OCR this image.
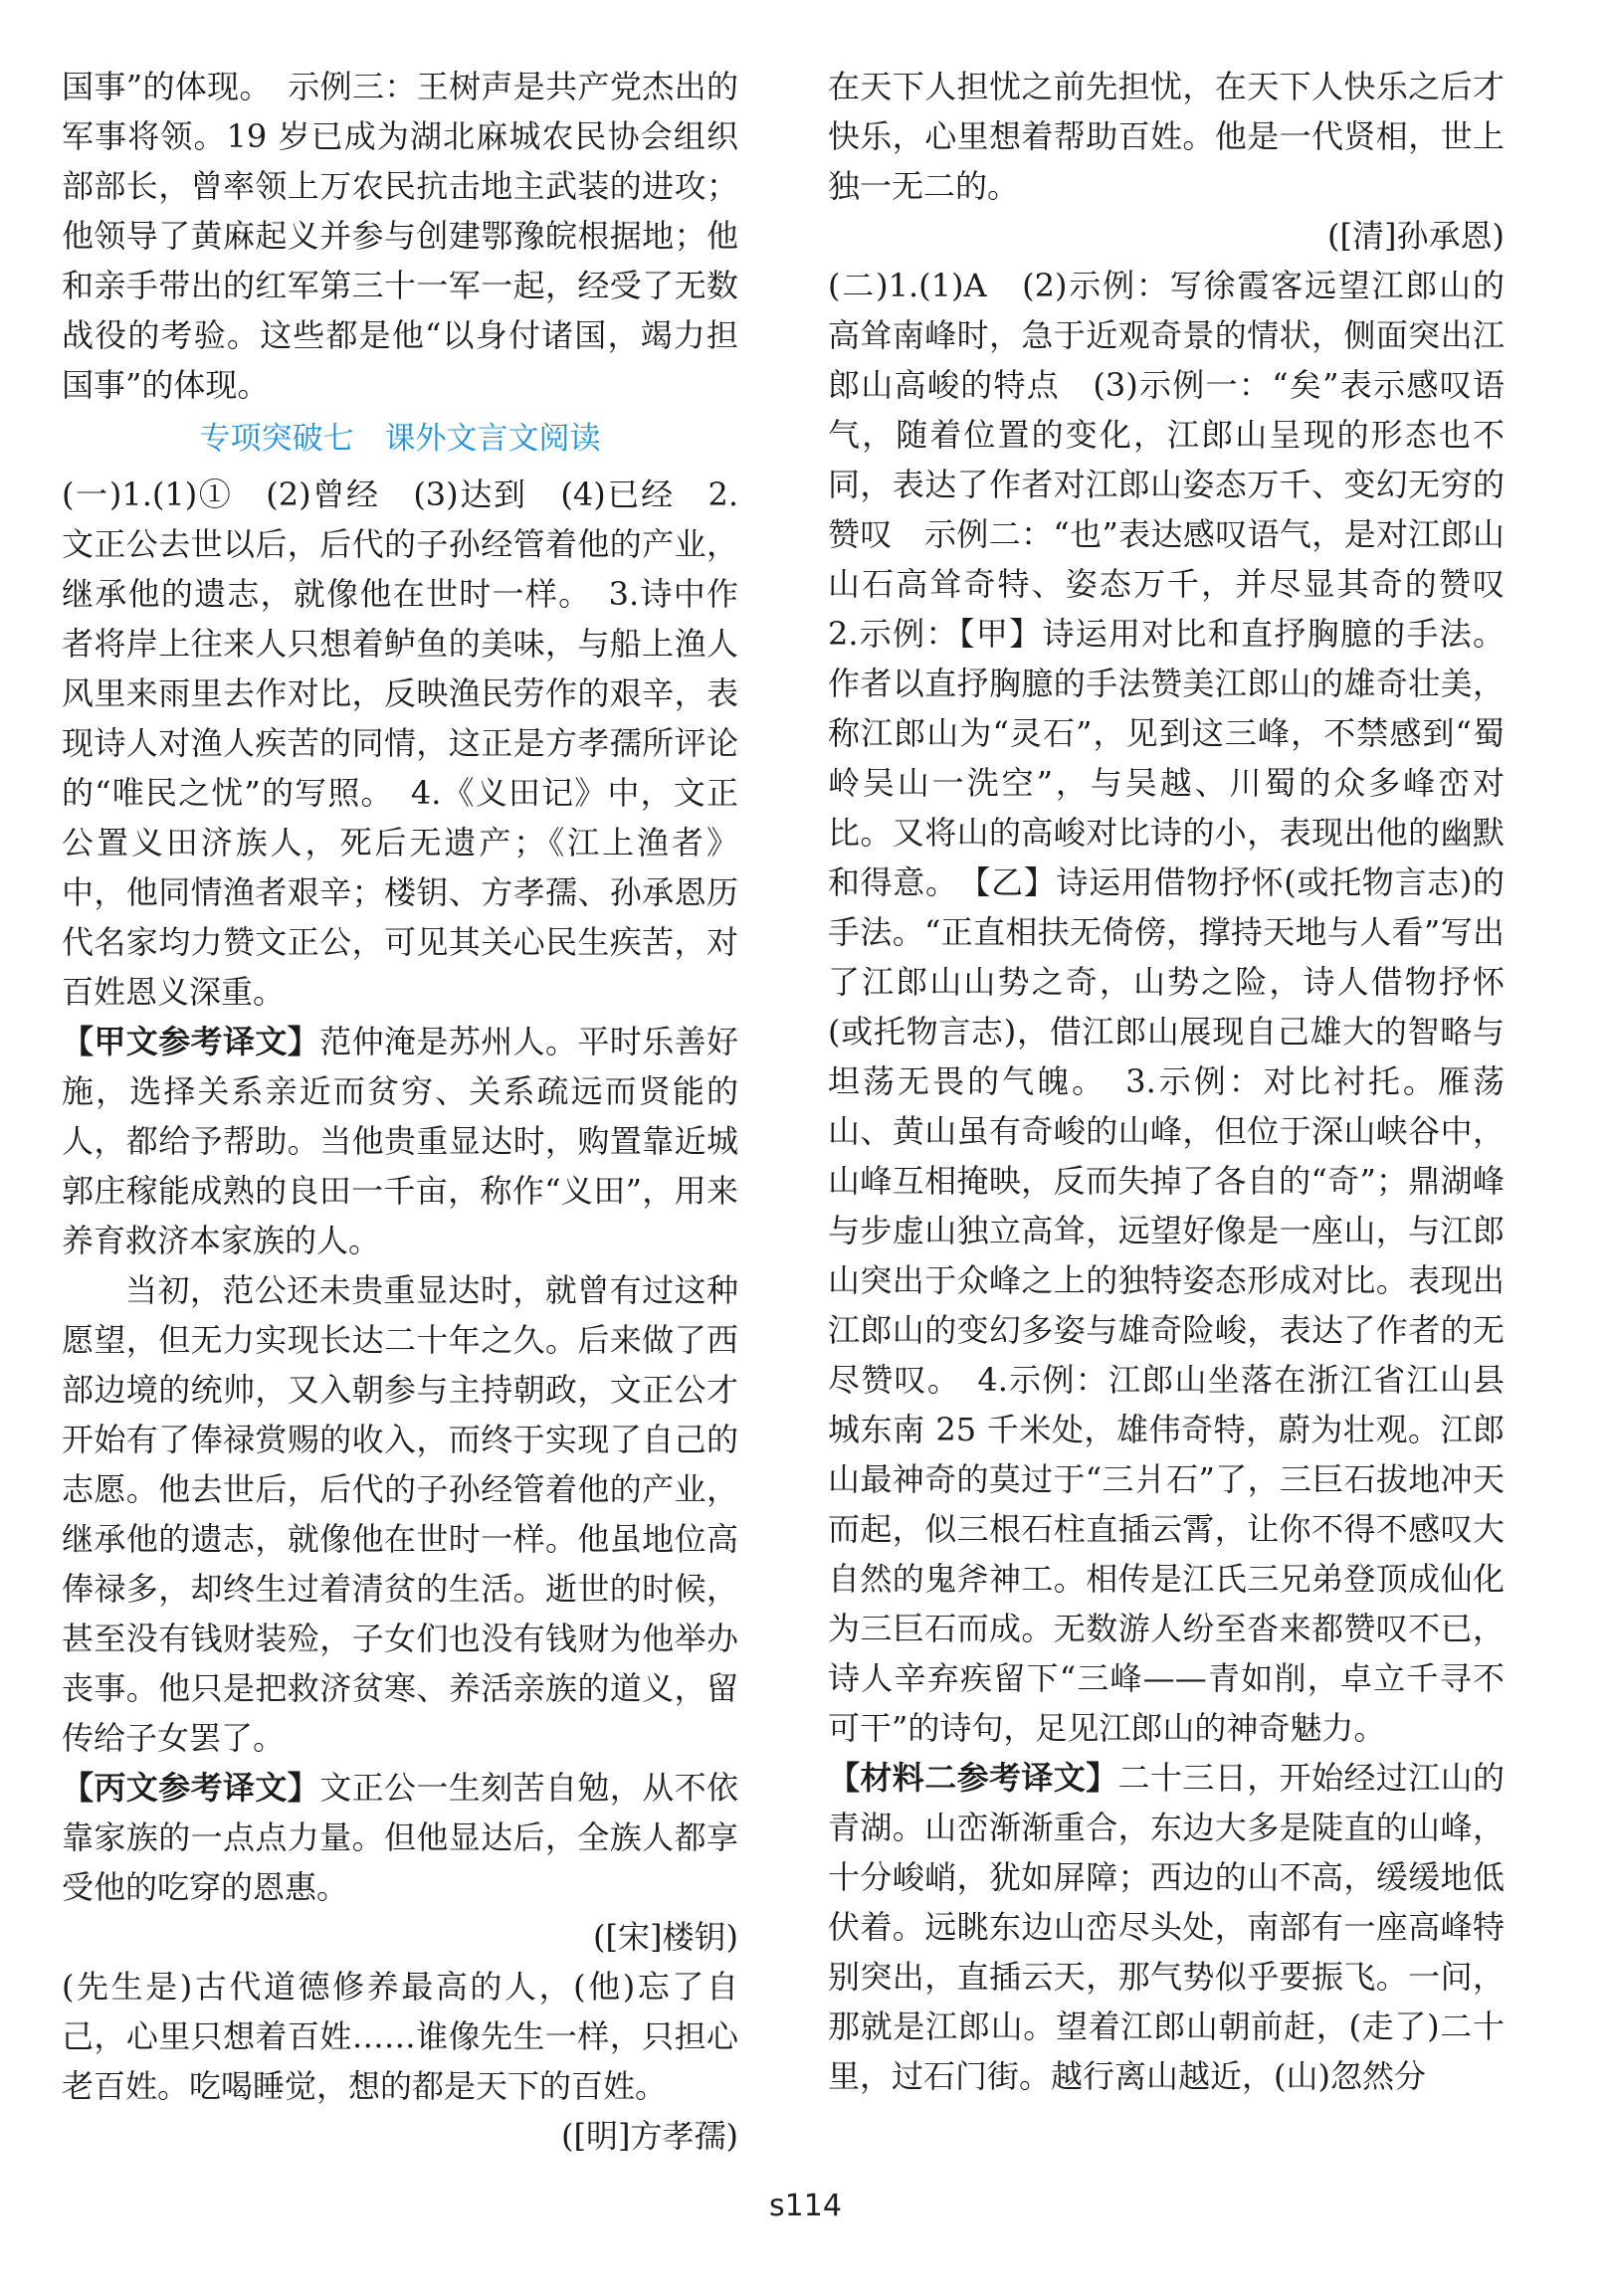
国事”的体现。　示例三：王树声是共产党杰出的军事将领。19 岁已成为湖北麻城农民协会组织部部长，曾率领上万农民抗击地主武装的进攻；他领导了黄麻起义并参与创建鄂豫皖根据地；他和亲手带出的红军第三十一军一起，经受了无数战役的考验。这些都是他“以身付诸国，竭力担国事”的体现。

专项突破七　课外文言文阅读

(一)1.(1)①　(2)曾经　(3)达到　(4)已经　2.文正公去世以后，后代的子孙经管着他的产业，继承他的遗志，就像他在世时一样。　3.诗中作者将岸上往来人只想着鲈鱼的美味，与船上渔人风里来雨里去作对比，反映渔民劳作的艰辛，表现诗人对渔人疾苦的同情，这正是方孝孺所评论的“唯民之忧”的写照。　4.《义田记》中，文正公置义田济族人，死后无遗产；《江上渔者》中，他同情渔者艰辛；楼钥、方孝孺、孙承恩历代名家均力赞文正公，可见其关心民生疾苦，对百姓恩义深重。

【甲文参考译文】范仲淹是苏州人。平时乐善好施，选择关系亲近而贫穷、关系疏远而贤能的人，都给予帮助。当他贵重显达时，购置靠近城郭庄稼能成熟的良田一千亩，称作“义田”，用来养育救济本家族的人。

当初，范公还未贵重显达时，就曾有过这种愿望，但无力实现长达二十年之久。后来做了西部边境的统帅，又入朝参与主持朝政，文正公才开始有了俸禄赏赐的收入，而终于实现了自己的志愿。他去世后，后代的子孙经管着他的产业，继承他的遗志，就像他在世时一样。他虽地位高俸禄多，却终生过着清贫的生活。逝世的时候，甚至没有钱财装殓，子女们也没有钱财为他举办丧事。他只是把救济贫寒、养活亲族的道义，留传给子女罢了。

【丙文参考译文】文正公一生刻苦自勉，从不依靠家族的一点点力量。但他显达后，全族人都享受他的吃穿的恩惠。

([宋]楼钥)

(先生是)古代道德修养最高的人，(他)忘了自己，心里只想着百姓……谁像先生一样，只担心老百姓。吃喝睡觉，想的都是天下的百姓。

([明]方孝孺)

在天下人担忧之前先担忧，在天下人快乐之后才快乐，心里想着帮助百姓。他是一代贤相，世上独一无二的。

([清]孙承恩)

(二)1.(1)A　(2)示例：写徐霞客远望江郎山的高耸南峰时，急于近观奇景的情状，侧面突出江郎山高峻的特点　(3)示例一：“矣”表示感叹语气，随着位置的变化，江郎山呈现的形态也不同，表达了作者对江郎山姿态万千、变幻无穷的赞叹　示例二：“也”表达感叹语气，是对江郎山山石高耸奇特、姿态万千，并尽显其奇的赞叹　2.示例：【甲】诗运用对比和直抒胸臆的手法。作者以直抒胸臆的手法赞美江郎山的雄奇壮美，称江郎山为“灵石”，见到这三峰，不禁感到“蜀岭吴山一洗空”，与吴越、川蜀的众多峰峦对比。又将山的高峻对比诗的小，表现出他的幽默和得意。　【乙】诗运用借物抒怀(或托物言志)的手法。“正直相扶无倚傍，撑持天地与人看”写出了江郎山山势之奇，山势之险，诗人借物抒怀(或托物言志)，借江郎山展现自己雄大的智略与坦荡无畏的气魄。　3.示例：对比衬托。雁荡山、黄山虽有奇峻的山峰，但位于深山峡谷中，山峰互相掩映，反而失掉了各自的“奇”；鼎湖峰与步虚山独立高耸，远望好像是一座山，与江郎山突出于众峰之上的独特姿态形成对比。表现出江郎山的变幻多姿与雄奇险峻，表达了作者的无尽赞叹。　4.示例：江郎山坐落在浙江省江山县城东南 25 千米处，雄伟奇特，蔚为壮观。江郎山最神奇的莫过于“三爿石”了，三巨石拔地冲天而起，似三根石柱直插云霄，让你不得不感叹大自然的鬼斧神工。相传是江氏三兄弟登顶成仙化为三巨石而成。无数游人纷至沓来都赞叹不已，诗人辛弃疾留下“三峰——青如削，卓立千寻不可干”的诗句，足见江郎山的神奇魅力。

【材料二参考译文】二十三日，开始经过江山的青湖。山峦渐渐重合，东边大多是陡直的山峰，十分峻峭，犹如屏障；西边的山不高，缓缓地低伏着。远眺东边山峦尽头处，南部有一座高峰特别突出，直插云天，那气势似乎要振飞。一问，那就是江郎山。望着江郎山朝前赶，(走了)二十里，过石门街。越行离山越近，(山)忽然分

s114
